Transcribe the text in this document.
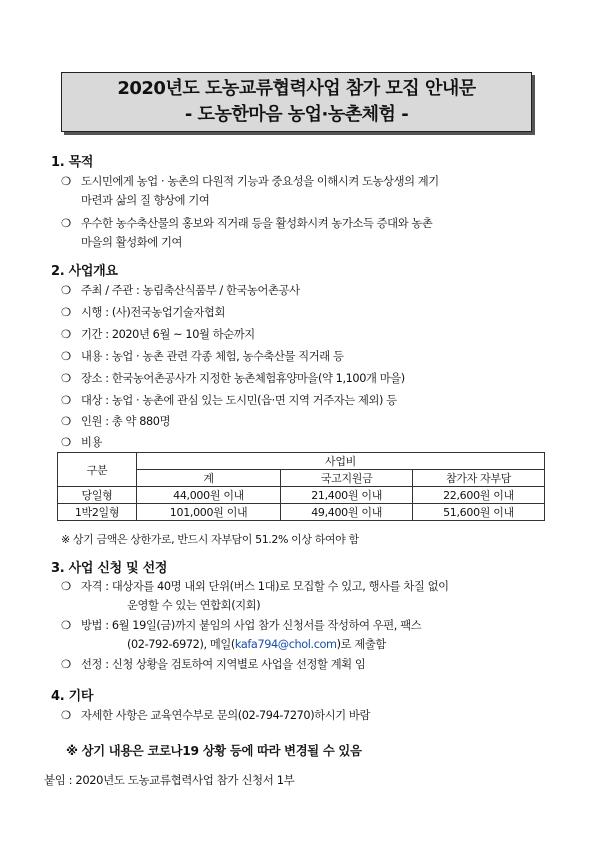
2020년도 도농교류협력사업 참가 모집 안내문
- 도농한마음 농업·농촌체험 -
1. 목적
❍ 도시민에게 농업 · 농촌의 다원적 기능과 중요성을 이해시켜 도농상생의 계기
마련과 삶의 질 향상에 기여
❍ 우수한 농수축산물의 홍보와 직거래 등을 활성화시켜 농가소득 증대와 농촌
마을의 활성화에 기여
2. 사업개요
❍ 주최 / 주관 : 농림축산식품부 / 한국농어촌공사
❍ 시행 : (사)전국농업기술자협회
❍ 기간 : 2020년 6월 ~ 10월 하순까지
❍ 내용 : 농업 · 농촌 관련 각종 체험, 농수축산물 직거래 등
❍ 장소 : 한국농어촌공사가 지정한 농촌체험휴양마을(약 1,100개 마을)
❍ 대상 : 농업 · 농촌에 관심 있는 도시민(읍·면 지역 거주자는 제외) 등
❍ 인원 : 총 약 880명
❍ 비용
구분	사업비		
	계	국고지원금	참가자 자부담
당일형	44,000원 이내	21,400원 이내	22,600원 이내
1박2일형	101,000원 이내	49,400원 이내	51,600원 이내
※ 상기 금액은 상한가로, 반드시 자부담이 51.2% 이상 하여야 함
3. 사업 신청 및 선정
❍ 자격 : 대상자를 40명 내외 단위(버스 1대)로 모집할 수 있고, 행사를 차질 없이
운영할 수 있는 연합회(지회)
❍ 방법 : 6월 19일(금)까지 붙임의 사업 참가 신청서를 작성하여 우편, 팩스
(02-792-6972), 메일(kafa794@chol.com)로 제출함
❍ 선정 : 신청 상황을 검토하여 지역별로 사업을 선정할 계획 임
4. 기타
❍ 자세한 사항은 교육연수부로 문의(02-794-7270)하시기 바람
※ 상기 내용은 코로나19 상황 등에 따라 변경될 수 있음
붙임 : 2020년도 도농교류협력사업 참가 신청서 1부
